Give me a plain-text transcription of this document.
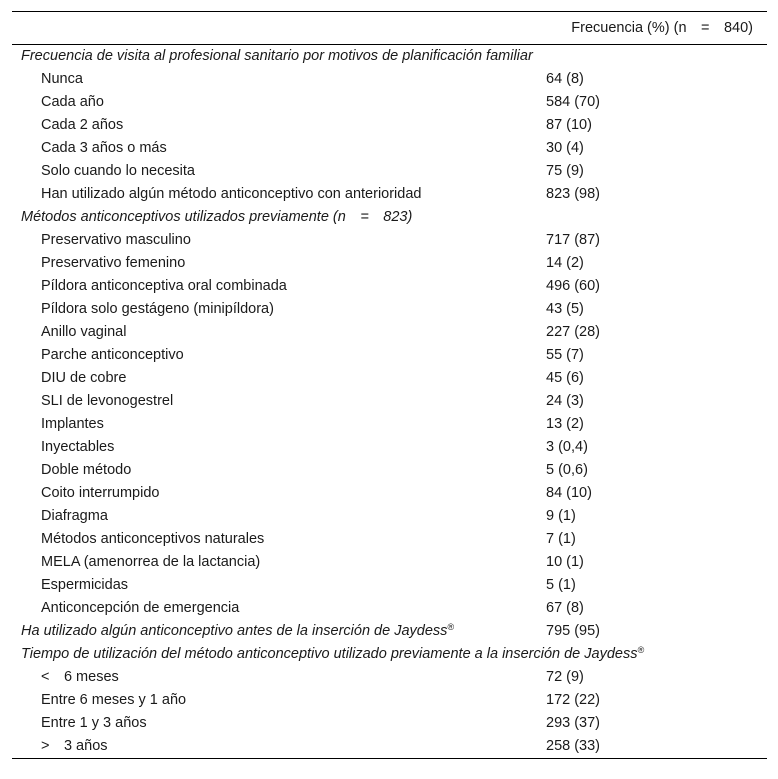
Frecuencia (%) (n = 840)
Frecuencia de visita al profesional sanitario por motivos de planificación familiar
Nunca	64 (8)
Cada año	584 (70)
Cada 2 años	87 (10)
Cada 3 años o más	30 (4)
Solo cuando lo necesita	75 (9)
Han utilizado algún método anticonceptivo con anterioridad	823 (98)
Métodos anticonceptivos utilizados previamente (n = 823)
Preservativo masculino	717 (87)
Preservativo femenino	14 (2)
Píldora anticonceptiva oral combinada	496 (60)
Píldora solo gestágeno (minipíldora)	43 (5)
Anillo vaginal	227 (28)
Parche anticonceptivo	55 (7)
DIU de cobre	45 (6)
SLI de levonogestrel	24 (3)
Implantes	13 (2)
Inyectables	3 (0,4)
Doble método	5 (0,6)
Coito interrumpido	84 (10)
Diafragma	9 (1)
Métodos anticonceptivos naturales	7 (1)
MELA (amenorrea de la lactancia)	10 (1)
Espermicidas	5 (1)
Anticoncepción de emergencia	67 (8)
Ha utilizado algún anticonceptivo antes de la inserción de Jaydess®	795 (95)
Tiempo de utilización del método anticonceptivo utilizado previamente a la inserción de Jaydess®
< 6 meses	72 (9)
Entre 6 meses y 1 año	172 (22)
Entre 1 y 3 años	293 (37)
> 3 años	258 (33)
